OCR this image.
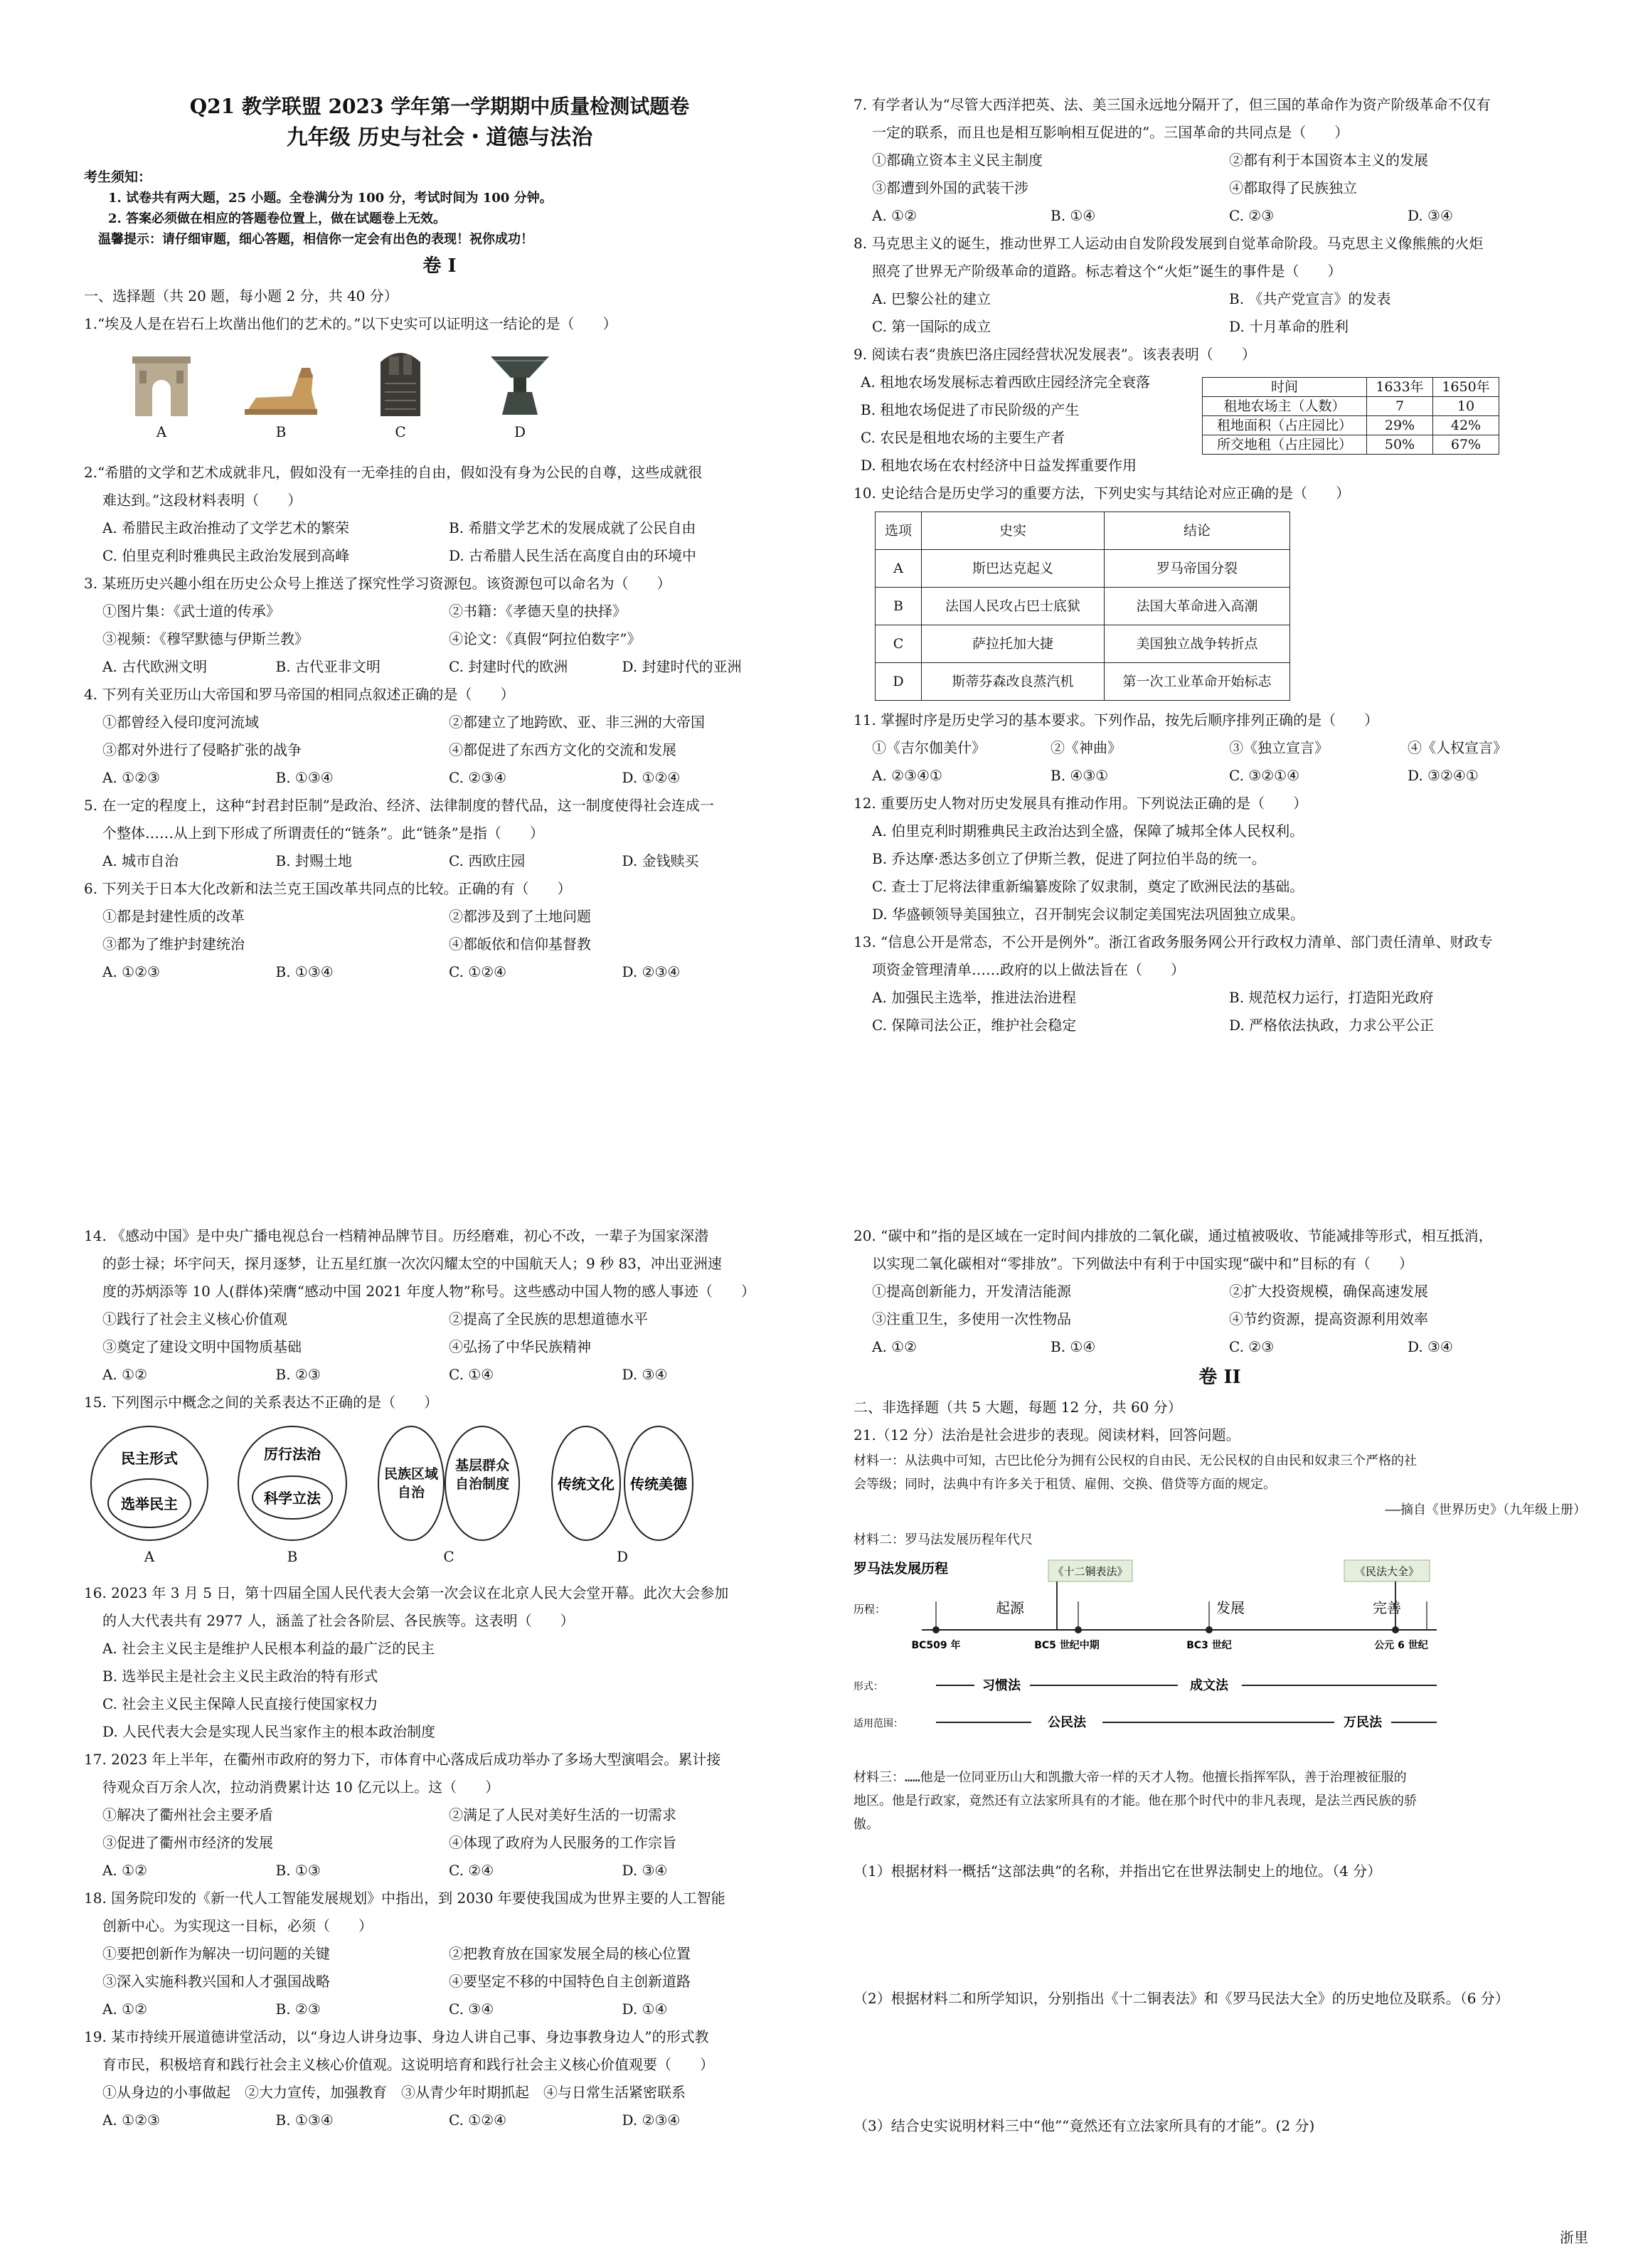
Q21 教学联盟 2023 学年第一学期期中质量检测试题卷
九年级 历史与社会・道德与法治
考生须知：
1. 试卷共有两大题，25 小题。全卷满分为 100 分，考试时间为 100 分钟。
2. 答案必须做在相应的答题卷位置上，做在试题卷上无效。
温馨提示：请仔细审题，细心答题，相信你一定会有出色的表现！祝你成功！
卷 I
一、选择题（共 20 题，每小题 2 分，共 40 分）
1.“埃及人是在岩石上坎凿出他们的艺术的。”以下史实可以证明这一结论的是（　　）
A	B	C	D
2.“希腊的文学和艺术成就非凡，假如没有一无牵挂的自由，假如没有身为公民的自尊，这些成就很
难达到。”这段材料表明（　　）
A. 希腊民主政治推动了文学艺术的繁荣	B. 希腊文学艺术的发展成就了公民自由
C. 伯里克利时雅典民主政治发展到高峰	D. 古希腊人民生活在高度自由的环境中
3. 某班历史兴趣小组在历史公众号上推送了探究性学习资源包。该资源包可以命名为（　　）
①图片集：《武士道的传承》	②书籍：《孝德天皇的抉择》
③视频：《穆罕默德与伊斯兰教》	④论文：《真假“阿拉伯数字”》
A. 古代欧洲文明	B. 古代亚非文明	C. 封建时代的欧洲	D. 封建时代的亚洲
4. 下列有关亚历山大帝国和罗马帝国的相同点叙述正确的是（　　）
①都曾经入侵印度河流域	②都建立了地跨欧、亚、非三洲的大帝国
③都对外进行了侵略扩张的战争	④都促进了东西方文化的交流和发展
A. ①②③	B. ①③④	C. ②③④	D. ①②④
5. 在一定的程度上，这种“封君封臣制”是政治、经济、法律制度的替代品，这一制度使得社会连成一
个整体……从上到下形成了所谓责任的“链条”。此“链条”是指（　　）
A. 城市自治	B. 封赐土地	C. 西欧庄园	D. 金钱赎买
6. 下列关于日本大化改新和法兰克王国改革共同点的比较。正确的有（　　）
①都是封建性质的改革	②都涉及到了土地问题
③都为了维护封建统治	④都皈依和信仰基督教
A. ①②③	B. ①③④	C. ①②④	D. ②③④
7. 有学者认为“尽管大西洋把英、法、美三国永远地分隔开了，但三国的革命作为资产阶级革命不仅有
一定的联系，而且也是相互影响相互促进的”。三国革命的共同点是（　　）
①都确立资本主义民主制度	②都有利于本国资本主义的发展
③都遭到外国的武装干涉	④都取得了民族独立
A. ①②	B. ①④	C. ②③	D. ③④
8. 马克思主义的诞生，推动世界工人运动由自发阶段发展到自觉革命阶段。马克思主义像熊熊的火炬
照亮了世界无产阶级革命的道路。标志着这个“火炬”诞生的事件是（　　）
A. 巴黎公社的建立	B. 《共产党宣言》的发表
C. 第一国际的成立	D. 十月革命的胜利
9. 阅读右表“贵族巴洛庄园经营状况发展表”。该表表明（　　）
A. 租地农场发展标志着西欧庄园经济完全衰落
B. 租地农场促进了市民阶级的产生
C. 农民是租地农场的主要生产者
D. 租地农场在农村经济中日益发挥重要作用
时间	1633年	1650年
租地农场主（人数）	7	10
租地面积（占庄园比）	29%	42%
所交地租（占庄园比）	50%	67%
10. 史论结合是历史学习的重要方法，下列史实与其结论对应正确的是（　　）
选项	史实	结论
A	斯巴达克起义	罗马帝国分裂
B	法国人民攻占巴士底狱	法国大革命进入高潮
C	萨拉托加大捷	美国独立战争转折点
D	斯蒂芬森改良蒸汽机	第一次工业革命开始标志
11. 掌握时序是历史学习的基本要求。下列作品，按先后顺序排列正确的是（　　）
①《吉尔伽美什》	②《神曲》	③《独立宣言》	④《人权宣言》
A. ②③④①	B. ④③①	C. ③②①④	D. ③②④①
12. 重要历史人物对历史发展具有推动作用。下列说法正确的是（　　）
A. 伯里克利时期雅典民主政治达到全盛，保障了城邦全体人民权利。
B. 乔达摩·悉达多创立了伊斯兰教，促进了阿拉伯半岛的统一。
C. 查士丁尼将法律重新编纂废除了奴隶制，奠定了欧洲民法的基础。
D. 华盛顿领导美国独立，召开制宪会议制定美国宪法巩固独立成果。
13. “信息公开是常态，不公开是例外”。浙江省政务服务网公开行政权力清单、部门责任清单、财政专
项资金管理清单……政府的以上做法旨在（　　）
A. 加强民主选举，推进法治进程	B. 规范权力运行，打造阳光政府
C. 保障司法公正，维护社会稳定	D. 严格依法执政，力求公平公正
14. 《感动中国》是中央广播电视总台一档精神品牌节目。历经磨难，初心不改，一辈子为国家深潜
的彭士禄；坏宇问天，探月逐梦，让五星红旗一次次闪耀太空的中国航天人；9 秒 83，冲出亚洲速
度的苏炳添等 10 人(群体)荣膺“感动中国 2021 年度人物”称号。这些感动中国人物的感人事迹（　　）
①践行了社会主义核心价值观	②提高了全民族的思想道德水平
③奠定了建设文明中国物质基础	④弘扬了中华民族精神
A. ①②	B. ②③	C. ①④	D. ③④
15. 下列图示中概念之间的关系表达不正确的是（　　）
民主形式
选举民主
A
厉行法治
科学立法
B
民族区域自治
基层群众自治制度
C
传统文化 传统美德
D
16. 2023 年 3 月 5 日，第十四届全国人民代表大会第一次会议在北京人民大会堂开幕。此次大会参加
的人大代表共有 2977 人，涵盖了社会各阶层、各民族等。这表明（　　）
A. 社会主义民主是维护人民根本利益的最广泛的民主
B. 选举民主是社会主义民主政治的特有形式
C. 社会主义民主保障人民直接行使国家权力
D. 人民代表大会是实现人民当家作主的根本政治制度
17. 2023 年上半年，在衢州市政府的努力下，市体育中心落成后成功举办了多场大型演唱会。累计接
待观众百万余人次，拉动消费累计达 10 亿元以上。这（　　）
①解决了衢州社会主要矛盾	②满足了人民对美好生活的一切需求
③促进了衢州市经济的发展	④体现了政府为人民服务的工作宗旨
A. ①②	B. ①③	C. ②④	D. ③④
18. 国务院印发的《新一代人工智能发展规划》中指出，到 2030 年要使我国成为世界主要的人工智能
创新中心。为实现这一目标，必须（　　）
①要把创新作为解决一切问题的关键	②把教育放在国家发展全局的核心位置
③深入实施科教兴国和人才强国战略	④要坚定不移的中国特色自主创新道路
A. ①②	B. ②③	C. ③④	D. ①④
19. 某市持续开展道德讲堂活动，以“身边人讲身边事、身边人讲自己事、身边事教身边人”的形式教
育市民，积极培育和践行社会主义核心价值观。这说明培育和践行社会主义核心价值观要（　　）
①从身边的小事做起　②大力宣传，加强教育　③从青少年时期抓起　④与日常生活紧密联系
A. ①②③	B. ①③④	C. ①②④	D. ②③④
20. “碳中和”指的是区域在一定时间内排放的二氧化碳，通过植被吸收、节能减排等形式，相互抵消，
以实现二氧化碳相对“零排放”。下列做法中有利于中国实现“碳中和”目标的有（　　）
①提高创新能力，开发清洁能源	②扩大投资规模，确保高速发展
③注重卫生，多使用一次性物品	④节约资源，提高资源利用效率
A. ①②	B. ①④	C. ②③	D. ③④
卷 II
二、非选择题（共 5 大题，每题 12 分，共 60 分）
21.（12 分）法治是社会进步的表现。阅读材料，回答问题。
材料一：从法典中可知，古巴比伦分为拥有公民权的自由民、无公民权的自由民和奴隶三个严格的社
会等级；同时，法典中有许多关于租赁、雇佣、交换、借贷等方面的规定。
——摘自《世界历史》（九年级上册）
材料二：罗马法发展历程年代尺
罗马法发展历程	《十二铜表法》	《民法大全》
历程：	起源	发展	完善
BC509 年	BC5 世纪中期	BC3 世纪	公元 6 世纪
形式：	习惯法	成文法
适用范围：	公民法	万民法
材料三：……他是一位同亚历山大和凯撒大帝一样的天才人物。他擅长指挥军队，善于治理被征服的
地区。他是行政家，竟然还有立法家所具有的才能。他在那个时代中的非凡表现，是法兰西民族的骄
傲。
（1）根据材料一概括“这部法典”的名称，并指出它在世界法制史上的地位。（4 分）
（2）根据材料二和所学知识，分别指出《十二铜表法》和《罗马民法大全》的历史地位及联系。（6 分）
（3）结合史实说明材料三中“他”“竟然还有立法家所具有的才能”。(2 分)
浙里
